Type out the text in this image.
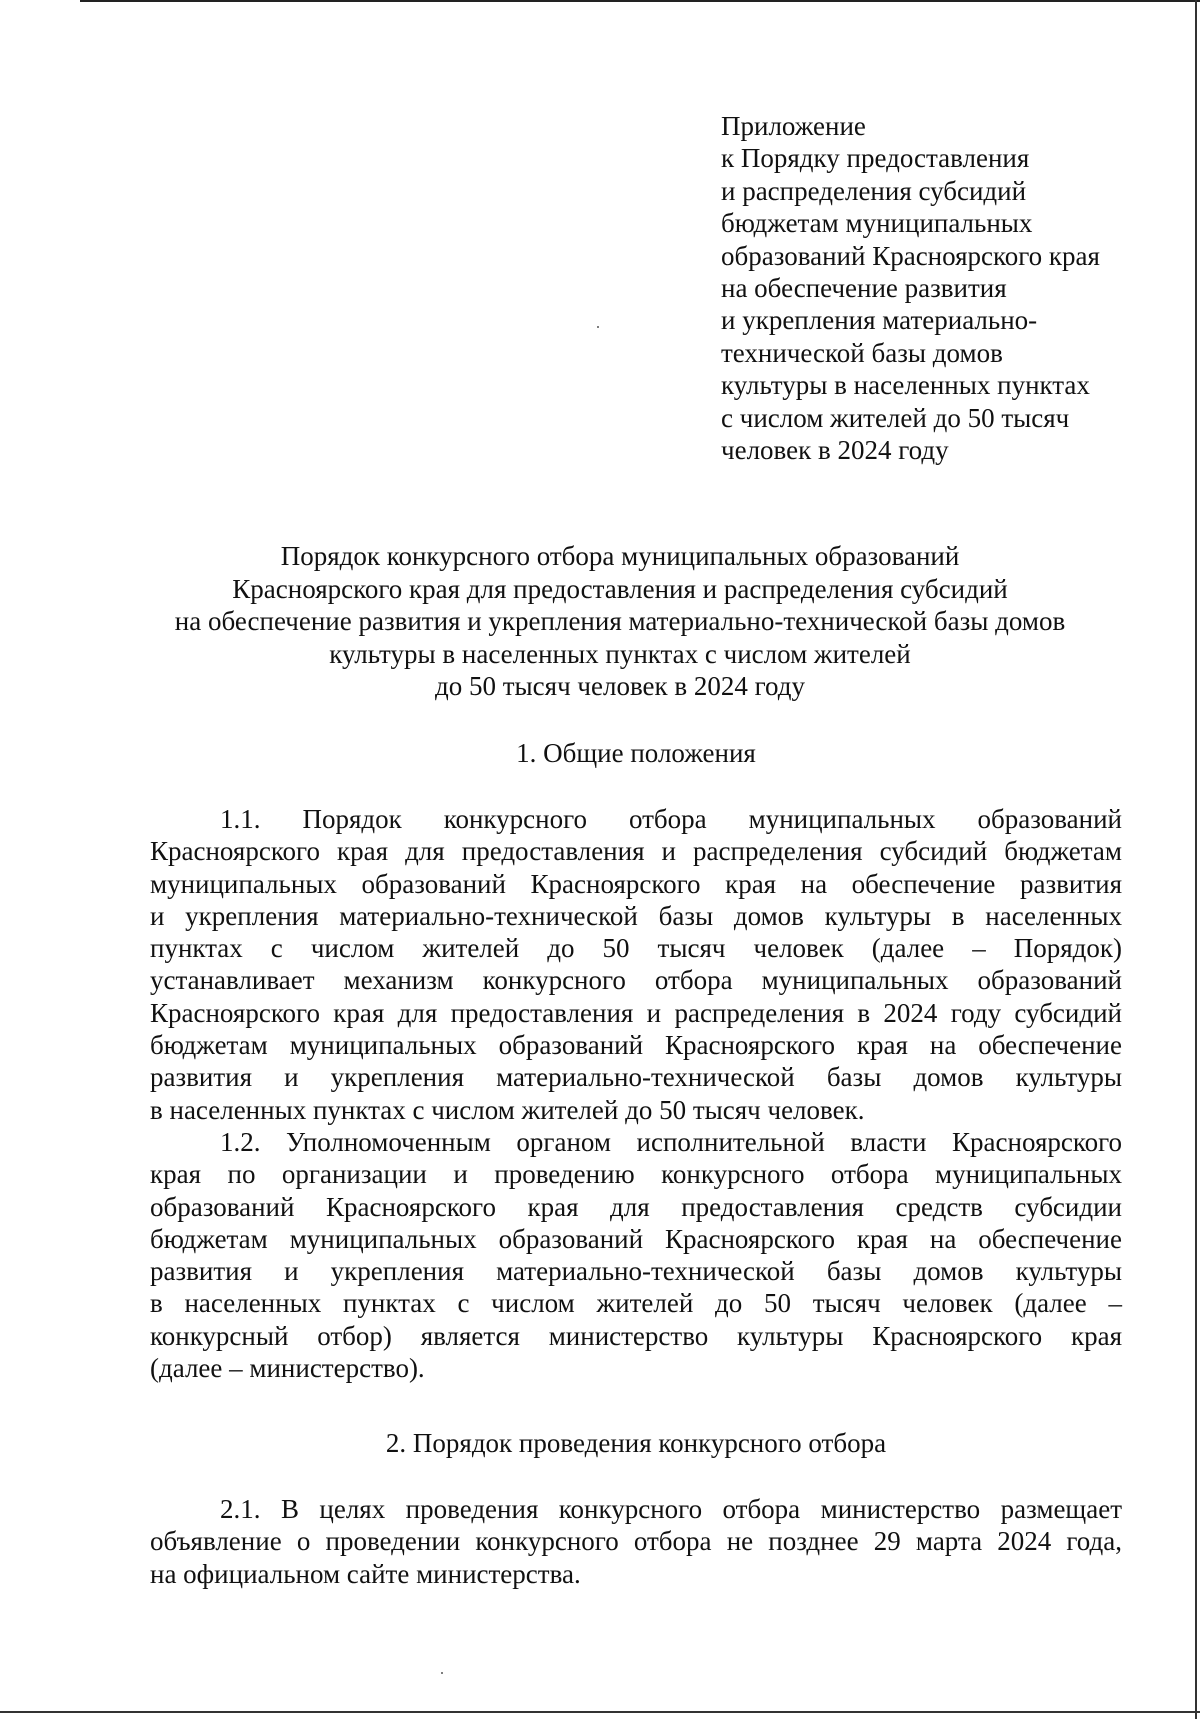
Приложение
к Порядку предоставления
и распределения субсидий
бюджетам муниципальных
образований Красноярского края
на обеспечение развития
и укрепления материально-
технической базы домов
культуры в населенных пунктах
с числом жителей до 50 тысяч
человек в 2024 году
Порядок конкурсного отбора муниципальных образований
Красноярского края для предоставления и распределения субсидий
на обеспечение развития и укрепления материально-технической базы домов
культуры в населенных пунктах с числом жителей
до 50 тысяч человек в 2024 году
1. Общие положения
1.1. Порядок конкурсного отбора муниципальных образований
Красноярского края для предоставления и распределения субсидий бюджетам
муниципальных образований Красноярского края на обеспечение развития
и укрепления материально-технической базы домов культуры в населенных
пунктах с числом жителей до 50 тысяч человек (далее – Порядок)
устанавливает механизм конкурсного отбора муниципальных образований
Красноярского края для предоставления и распределения в 2024 году субсидий
бюджетам муниципальных образований Красноярского края на обеспечение
развития и укрепления материально-технической базы домов культуры
в населенных пунктах с числом жителей до 50 тысяч человек.
1.2. Уполномоченным органом исполнительной власти Красноярского
края по организации и проведению конкурсного отбора муниципальных
образований Красноярского края для предоставления средств субсидии
бюджетам муниципальных образований Красноярского края на обеспечение
развития и укрепления материально-технической базы домов культуры
в населенных пунктах с числом жителей до 50 тысяч человек (далее –
конкурсный отбор) является министерство культуры Красноярского края
(далее – министерство).
2. Порядок проведения конкурсного отбора
2.1. В целях проведения конкурсного отбора министерство размещает
объявление о проведении конкурсного отбора не позднее 29 марта 2024 года,
на официальном сайте министерства.
